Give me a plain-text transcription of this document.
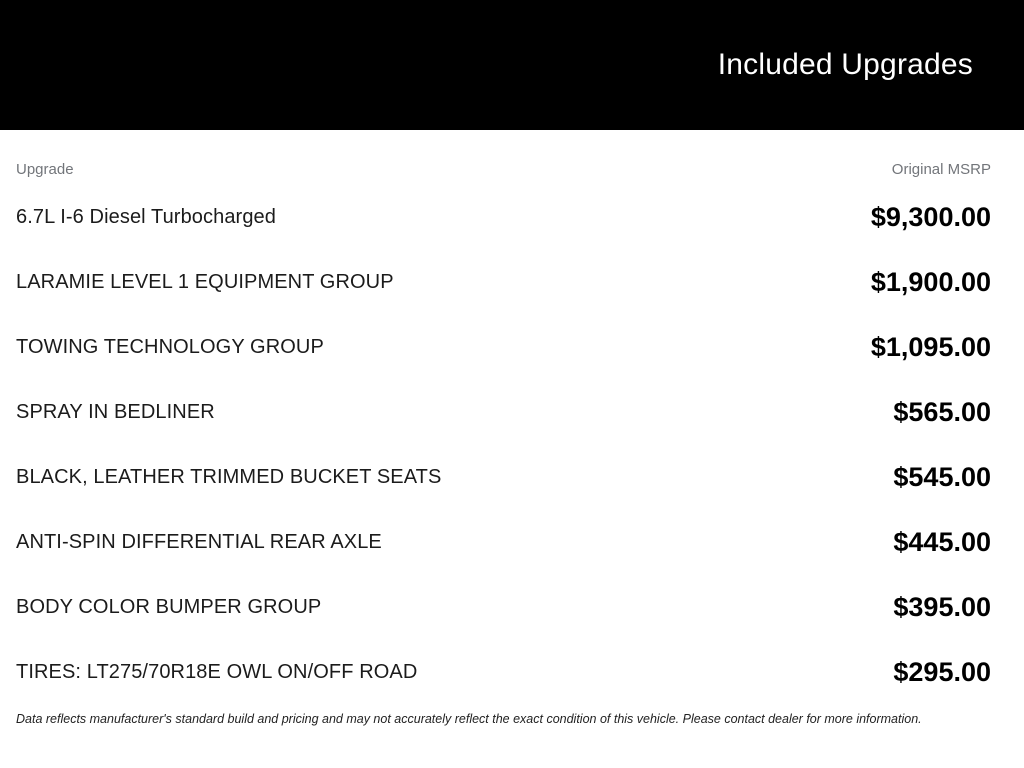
Included Upgrades
Upgrade	Original MSRP
6.7L I-6 Diesel Turbocharged	$9,300.00
LARAMIE LEVEL 1 EQUIPMENT GROUP	$1,900.00
TOWING TECHNOLOGY GROUP	$1,095.00
SPRAY IN BEDLINER	$565.00
BLACK, LEATHER TRIMMED BUCKET SEATS	$545.00
ANTI-SPIN DIFFERENTIAL REAR AXLE	$445.00
BODY COLOR BUMPER GROUP	$395.00
TIRES: LT275/70R18E OWL ON/OFF ROAD	$295.00
Data reflects manufacturer's standard build and pricing and may not accurately reflect the exact condition of this vehicle. Please contact dealer for more information.
